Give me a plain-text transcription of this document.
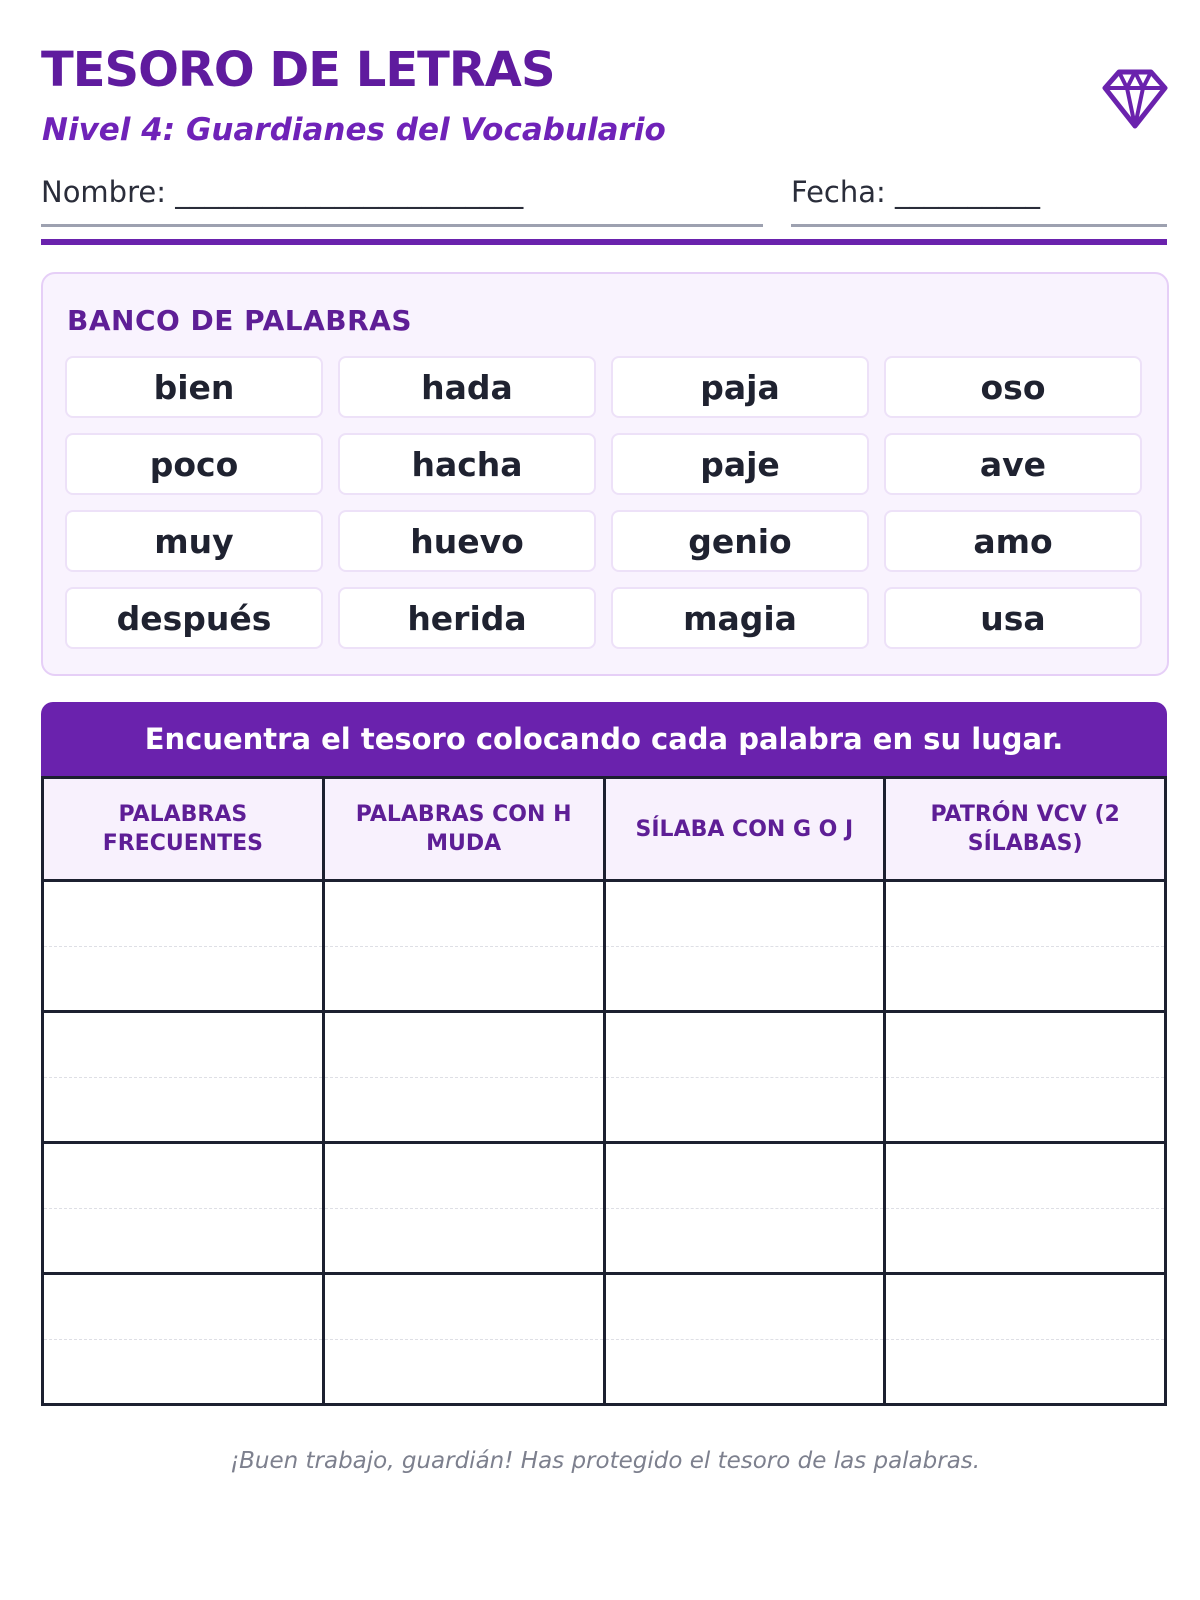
TESORO DE LETRAS
Nivel 4: Guardianes del Vocabulario
Nombre: ________________________	Fecha: __________
BANCO DE PALABRAS
bien	hada	paja	oso
poco	hacha	paje	ave
muy	huevo	genio	amo
después	herida	magia	usa
Encuentra el tesoro colocando cada palabra en su lugar.
PALABRAS FRECUENTES	PALABRAS CON H MUDA	SÍLABA CON G O J	PATRÓN VCV (2 SÍLABAS)

¡Buen trabajo, guardián! Has protegido el tesoro de las palabras.
